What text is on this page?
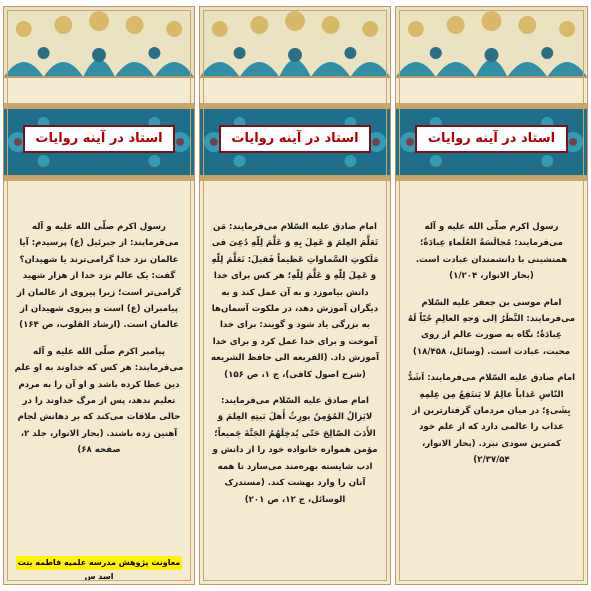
استاد در آینه روایات

رسول اکرم صلّی الله علیه و آله می‌فرمایند: از جبرئیل (ع) پرسیدم: آیا عالمان نزد خدا گرامی‌ترند یا شهیدان؟ گفت: یک عالم نزد خدا از هزار شهید گرامی‌تر است؛ زیرا پیروی از عالمان از پیامبران (ع) است و پیروی شهیدان از عالمان است. (ارشاد القلوب، ص ۱۶۴)

پیامبر اکرم صلّی الله علیه و آله می‌فرمایند: هر کس که خداوند به او علم دین عطا کرده باشد و او آن را به مردم تعلیم ندهد، پس از مرگ خداوند را در حالی ملاقات می‌کند که بر دهانش لجام آهنین زده باشند. (بحار الانوار، جلد ۲، صفحه ۶۸)

معاونت پژوهش مدرسه علمیه فاطمه بنت اسد س
استاد در آینه روایات

امام صادق علیه السّلام می‌فرمایند: مَن تَعَلَّمَ العِلمَ وَ عَمِلَ بِهِ وَ عَلَّمَ لِلّهِ دُعِیَ فی مَلَکوتِ السَّماواتِ عَظیماً فَقیلَ: تَعَلَّمَ لِلّهِ وَ عَمِلَ لِلّهِ وَ عَلَّمَ لِلّهِ؛ هر کس برای خدا دانش بیاموزد و به آن عمل کند و به دیگران آموزش دهد، در ملکوت آسمان‌ها به بزرگی یاد شود و گویند: برای خدا آموخت و برای خدا عمل کرد و برای خدا آموزش داد. (الفریعه الی حافظ الشریعه (شرح اصول کافی)، ج ۱، ص ۱۵۶)

امام صادق علیه السّلام می‌فرمایند: لایَزالُ المُؤمِنُ یورِثُ أَهلَ بَیتِهِ العِلمَ وَ الأَدَبَ الصّالِحَ حَتّی یُدخِلَهُمُ الجَنَّةَ جَمیعاً؛ مؤمن همواره خانواده خود را از دانش و ادب شایسته بهره‌مند می‌سازد تا همه آنان را وارد بهشت کند. (مستدرک الوسائل، ج ۱۲، ص ۲۰۱)

استاد در آینه روایات

رسول اکرم صلّی الله علیه و آله می‌فرمایند: مُجالَسَةُ العُلَماءِ عِبادَةٌ؛ همنشینی با دانشمندان عبادت است. (بحار الانوار، ۱/۲۰۴)

امام موسی بن جعفر علیه السّلام می‌فرمایند: النَّظَرُ اِلی وَجهِ العالِمِ حُبّاً لَهُ عِبادَةٌ؛ نگاه به صورت عالم از روی محبت، عبادت است. (وسائل، ۱۸/۴۵۸)

امام صادق علیه السّلام می‌فرمایند: اَشَدُّ النّاسِ عَذاباً عالِمٌ لا یَنتَفِعُ مِن عِلمِهِ بِشَیءٍ؛ در میان مردمان گرفتارترین از عذاب را عالمی دارد که از علم خود کمترین سودی نبرد. (بحار الانوار، ۲/۳۷/۵۴)
